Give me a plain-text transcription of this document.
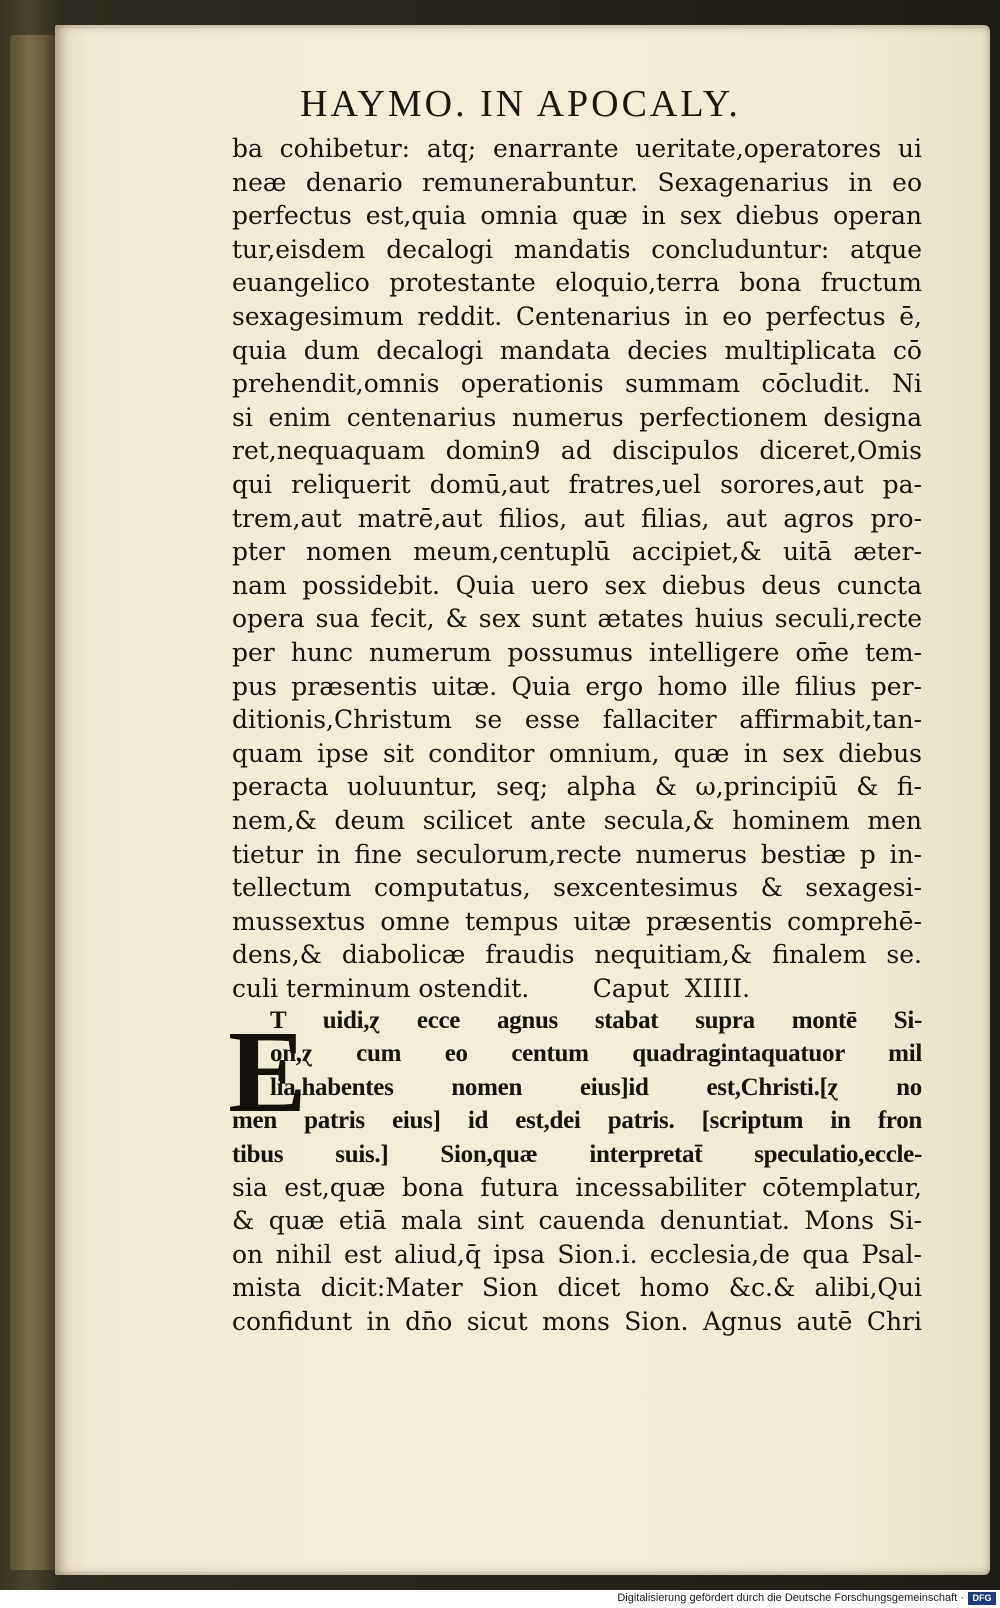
HAYMO. IN APOCALY.
ba cohibetur: atq; enarrante ueritate,operatores ui
neæ denario remunerabuntur. Sexagenarius in eo
perfectus est,quia omnia quæ in sex diebus operan
tur,eisdem decalogi mandatis concluduntur: atque
euangelico protestante eloquio,terra bona fructum
sexagesimum reddit. Centenarius in eo perfectus ē,
quia dum decalogi mandata decies multiplicata cō
prehendit,omnis operationis summam cōcludit. Ni
si enim centenarius numerus perfectionem designa
ret,nequaquam domin9 ad discipulos diceret,Omis
qui reliquerit domū,aut fratres,uel sorores,aut pa-
trem,aut matrē,aut filios, aut filias, aut agros pro-
pter nomen meum,centuplū accipiet,& uitā æter-
nam possidebit. Quia uero sex diebus deus cuncta
opera sua fecit, & sex sunt ætates huius seculi,recte
per hunc numerum possumus intelligere om̄e tem-
pus præsentis uitæ. Quia ergo homo ille filius per-
ditionis,Christum se esse fallaciter affirmabit,tan-
quam ipse sit conditor omnium, quæ in sex diebus
peracta uoluuntur, seq; alpha & ω,principiū & fi-
nem,& deum scilicet ante secula,& hominem men
tietur in fine seculorum,recte numerus bestiæ p in-
tellectum computatus, sexcentesimus & sexagesi-
mussextus omne tempus uitæ præsentis comprehē-
dens,& diabolicæ fraudis nequitiam,& finalem se.
culi terminum ostendit.        Caput  XIIII.
E
T uidi,ɀ ecce agnus stabat supra montē Si-
on,ɀ cum eo centum quadragintaquatuor mil
lia,habentes nomen eius]id est,Christi.[ɀ no
men patris eius] id est,dei patris. [scriptum in fron
tibus suis.] Sion,quæ interpretat̄ speculatio,eccle-
sia est,quæ bona futura incessabiliter cōtemplatur,
& quæ etiā mala sint cauenda denuntiat. Mons Si-
on nihil est aliud,q̄ ipsa Sion.i. ecclesia,de qua Psal-
mista dicit:Mater Sion dicet homo &c.& alibi,Qui
confidunt in dn̄o sicut mons Sion. Agnus autē Chri
Digitalisierung gefördert durch die Deutsche Forschungsgemeinschaft · DFG
